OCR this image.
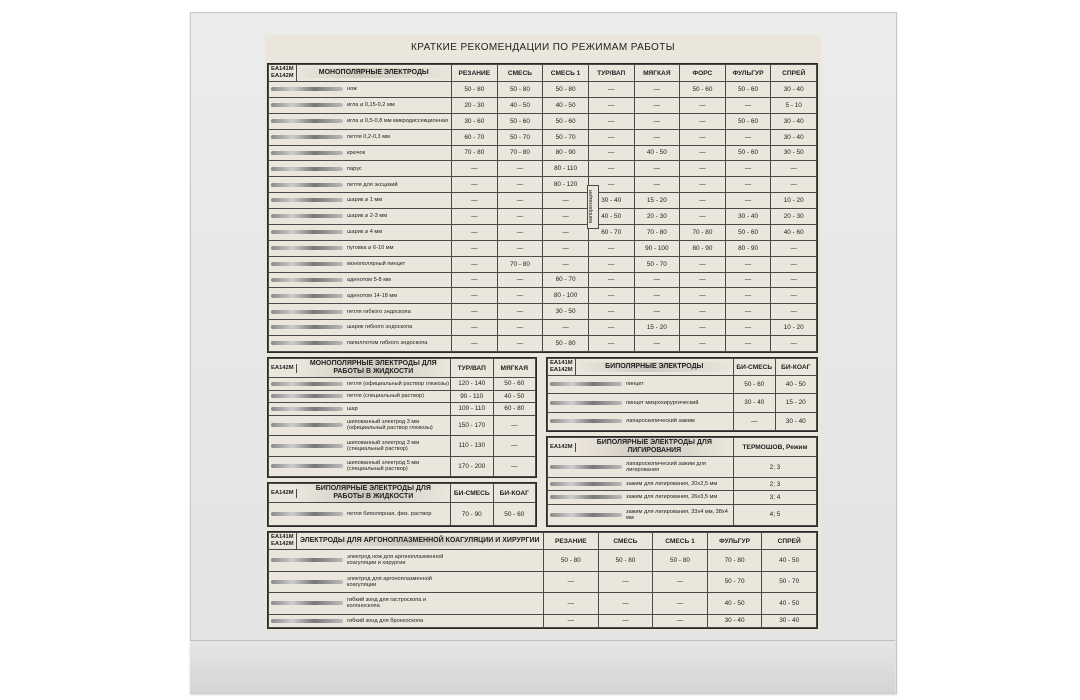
КРАТКИЕ РЕКОМЕНДАЦИИ ПО РЕЖИМАМ РАБОТЫ
ЕА141М
ЕА142М МОНОПОЛЯРНЫЕ ЭЛЕКТРОДЫ	РЕЗАНИЕ	СМЕСЬ	СМЕСЬ 1	ТУР/ВАП	МЯГКАЯ	ФОРС	ФУЛЬГУР	СПРЕЙ
нож	50 - 80	50 - 80	50 - 80	—	—	50 - 60	50 - 60	30 - 40
игла ⌀ 0,15-0,2 мм	20 - 30	40 - 50	40 - 50	—	—	—	—	5 - 10
игла ⌀ 0,5-0,8 мм микродиссекционная	30 - 60	50 - 60	50 - 60	—	—	—	50 - 60	30 - 40
петля 0,2-0,3 мм	60 - 70	50 - 70	50 - 70	—	—	—	—	30 - 40
крючок	70 - 80	70 - 80	80 - 90	—	40 - 50	—	50 - 60	30 - 50
парус	—	—	80 - 110	—	—	—	—	—
петля для эксцизий	—	—	80 - 120	—	—	—	—	—
шарик ⌀ 1 мм	—	—	—	30 - 40	15 - 20	—	—	10 - 20
шарик ⌀ 2-3 мм	—	—	—	40 - 50	20 - 30	—	30 - 40	20 - 30
шарик ⌀ 4 мм	—	—	—	60 - 70	70 - 80	70 - 80	50 - 60	40 - 60
пуговка ⌀ 6-10 мм	—	—	—	—	90 - 100	80 - 90	80 - 90	—
монополярный пинцет	—	70 - 80	—	—	50 - 70	—	—	—
аденотом 5-8 мм	—	—	60 - 70	—	—	—	—	—
аденотом 14-18 мм	—	—	80 - 100	—	—	—	—	—
петля гибкого эндоскопа	—	—	30 - 50	—	—	—	—	—
шарик гибкого эндоскопа	—	—	—	—	15 - 20	—	—	10 - 20
папиллотом гибкого эндоскопа	—	—	50 - 80	—	—	—	—	—
вапоризация
ЕА142М
МОНОПОЛЯРНЫЕ ЭЛЕКТРОДЫ ДЛЯ РАБОТЫ В ЖИДКОСТИ	ТУР/ВАП	МЯГКАЯ
петля (официальный раствор глюкозы)	120 - 140	50 - 60
петля (специальный раствор)	90 - 110	40 - 50
шар	100 - 110	60 - 80
шипованный электрод 3 мм (официальный раствор глюкозы)	150 - 170	—
шипованный электрод 3 мм (специальный раствор)	110 - 130	—
шипованный электрод 5 мм (специальный раствор)	170 - 200	—
ЕА142М
БИПОЛЯРНЫЕ ЭЛЕКТРОДЫ ДЛЯ РАБОТЫ В ЖИДКОСТИ	БИ-СМЕСЬ	БИ-КОАГ
петля биполярная, физ. раствор	70 - 90	50 - 60
ЕА141М
ЕА142М БИПОЛЯРНЫЕ ЭЛЕКТРОДЫ	БИ-СМЕСЬ	БИ-КОАГ
пинцет	50 - 60	40 - 50
пинцет микрохирургический	30 - 40	15 - 20
лапароскопический зажим	—	30 - 40
ЕА142М
БИПОЛЯРНЫЕ ЭЛЕКТРОДЫ ДЛЯ ЛИГИРОВАНИЯ	ТЕРМОШОВ, Режим
лапароскопический зажим для лигирования	2; 3
зажим для лигирования, 20х2,5 мм	2; 3
зажим для лигирования, 26х3,5 мм	3; 4
зажим для лигирования, 33х4 мм, 38х4 мм	4; 5
ЕА141М
ЕА142М ЭЛЕКТРОДЫ ДЛЯ АРГОНОПЛАЗМЕННОЙ КОАГУЛЯЦИИ И ХИРУРГИИ	РЕЗАНИЕ	СМЕСЬ	СМЕСЬ 1	ФУЛЬГУР	СПРЕЙ
электрод нож для аргоноплазменной коагуляции и хирургии	50 - 80	50 - 80	50 - 80	70 - 80	40 - 50
электрод для аргоноплазменной коагуляции	—	—	—	50 - 70	50 - 70
гибкий зонд для гастроскопа и колоноскопа	—	—	—	40 - 50	40 - 50
гибкий зонд для бронхоскопа	—	—	—	30 - 40	30 - 40
